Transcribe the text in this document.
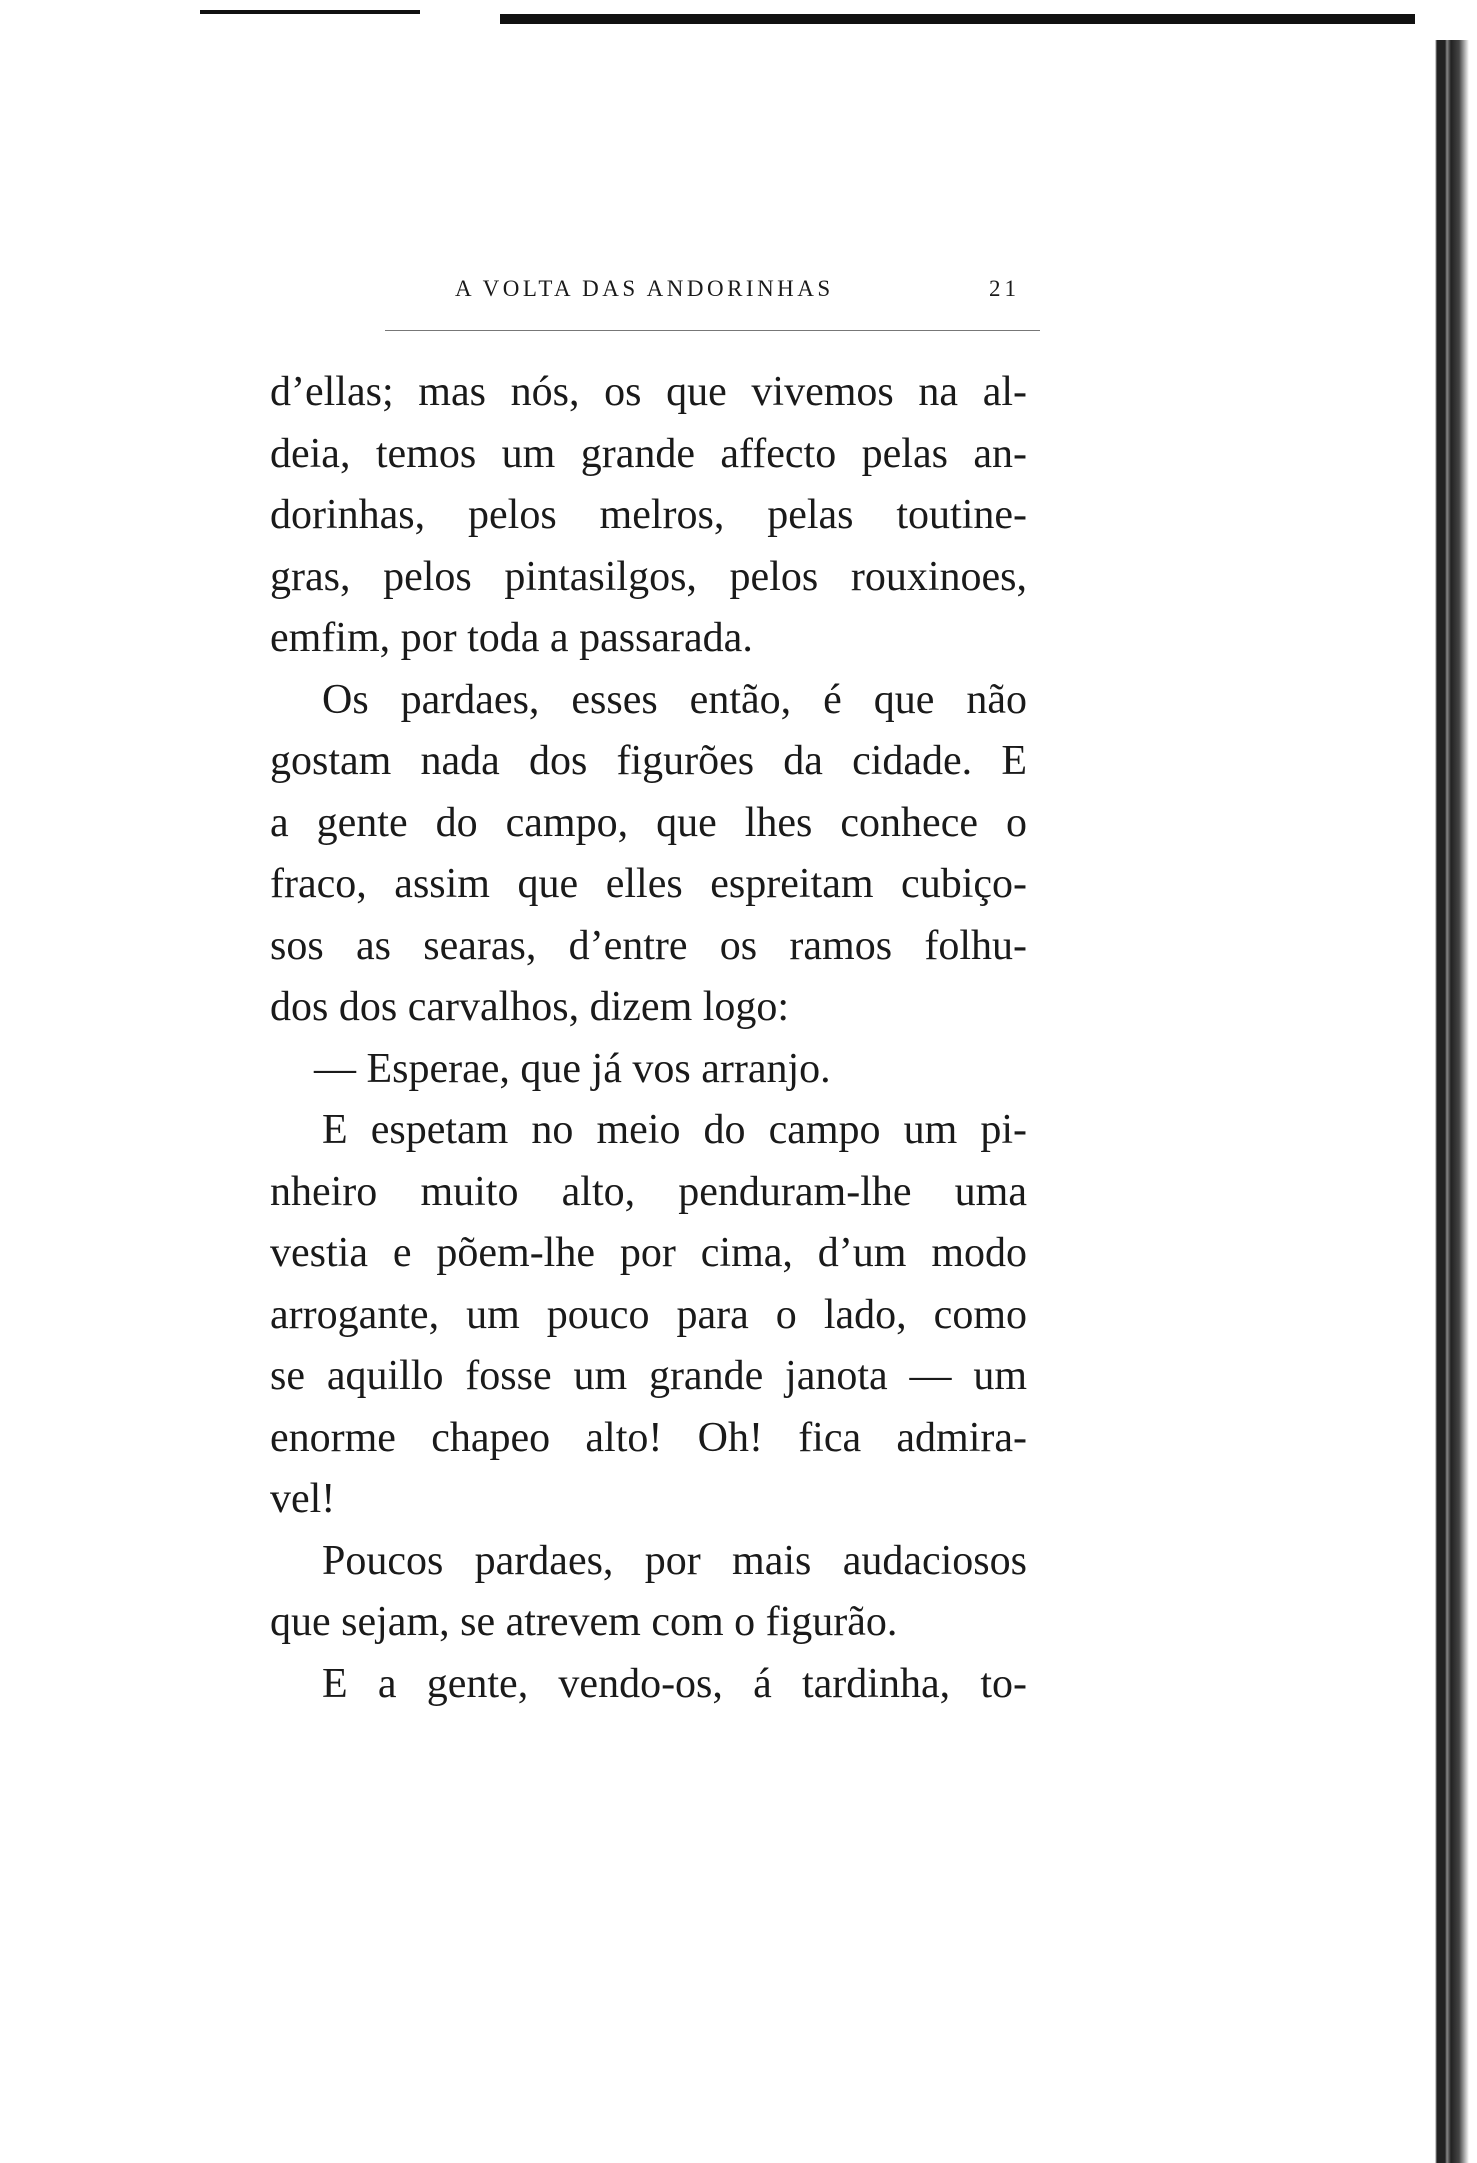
A VOLTA DAS ANDORINHAS	21

d’ellas; mas nós, os que vivemos na al-
deia, temos um grande affecto pelas an-
dorinhas, pelos melros, pelas toutine-
gras, pelos pintasilgos, pelos rouxinoes,
emfim, por toda a passarada.

Os pardaes, esses então, é que não
gostam nada dos figurões da cidade. E
a gente do campo, que lhes conhece o
fraco, assim que elles espreitam cubiço-
sos as searas, d’entre os ramos folhu-
dos dos carvalhos, dizem logo:

— Esperae, que já vos arranjo.

E espetam no meio do campo um pi-
nheiro muito alto, penduram-lhe uma
vestia e põem-lhe por cima, d’um modo
arrogante, um pouco para o lado, como
se aquillo fosse um grande janota — um
enorme chapeo alto! Oh! fica admira-
vel!

Poucos pardaes, por mais audaciosos
que sejam, se atrevem com o figurão.

E a gente, vendo-os, á tardinha, to-
